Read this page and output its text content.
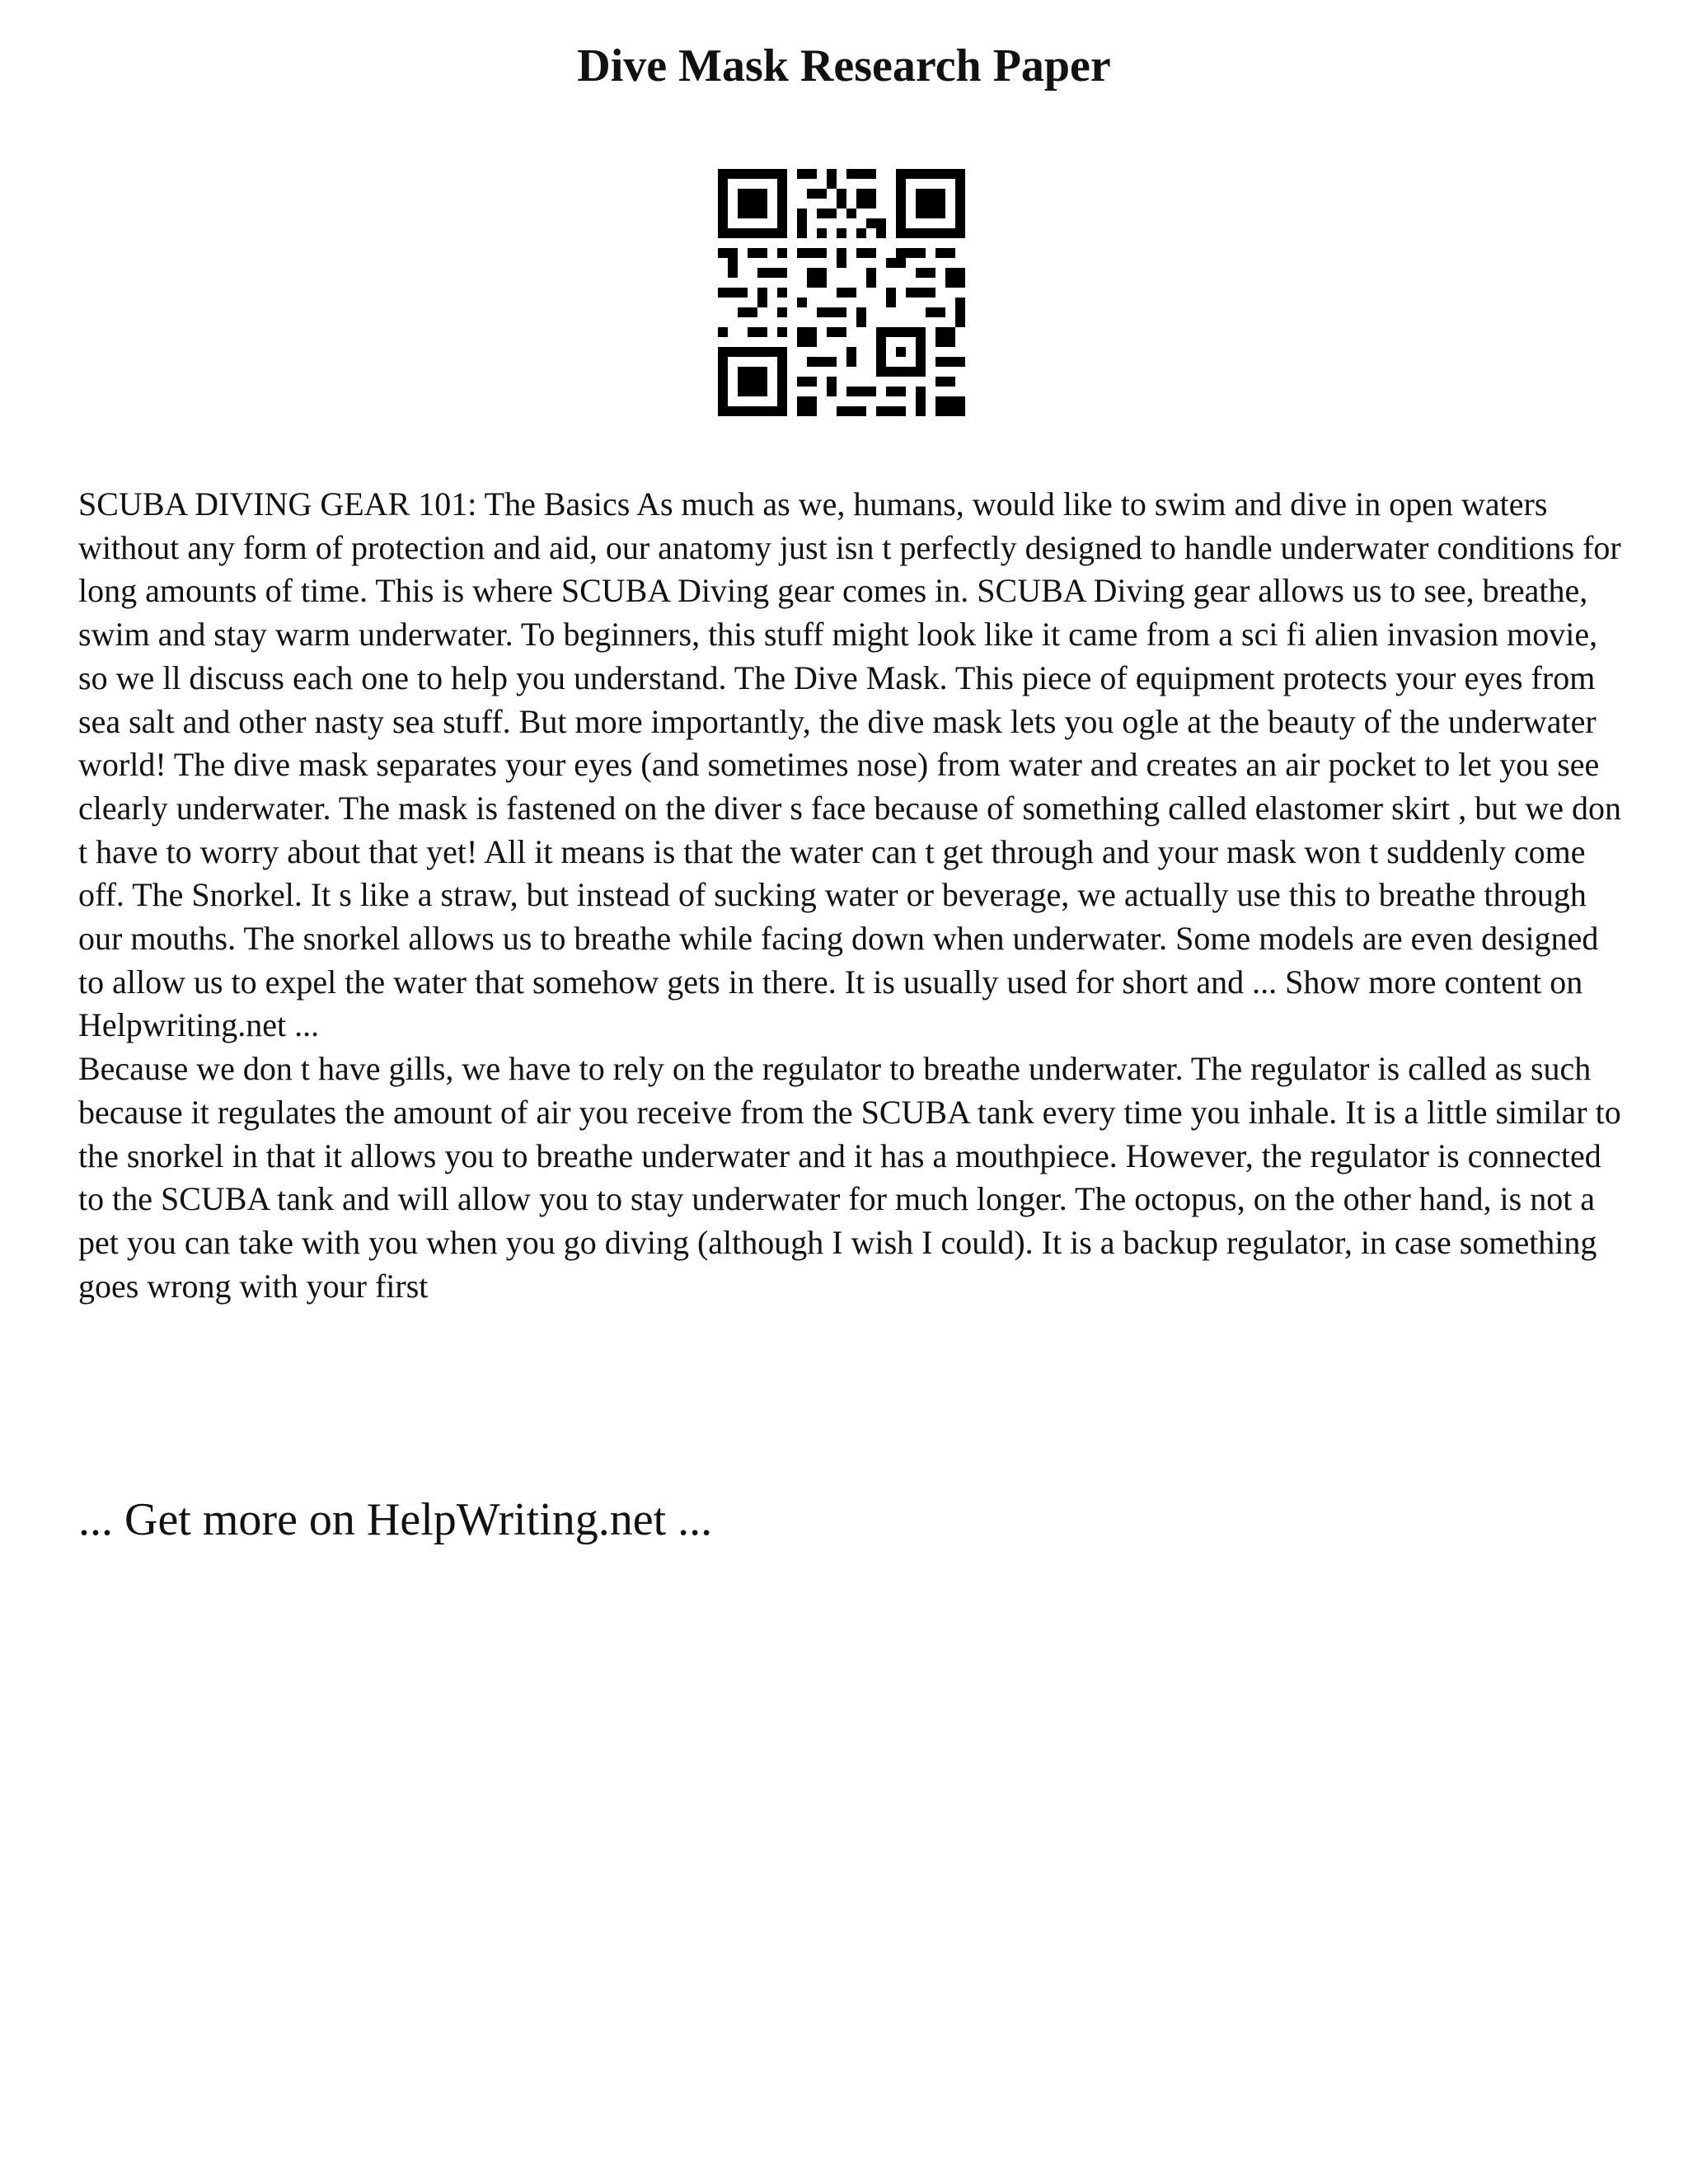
Dive Mask Research Paper

SCUBA DIVING GEAR 101: The Basics As much as we, humans, would like to swim and dive in open waters without any form of protection and aid, our anatomy just isn t perfectly designed to handle underwater conditions for long amounts of time. This is where SCUBA Diving gear comes in. SCUBA Diving gear allows us to see, breathe, swim and stay warm underwater. To beginners, this stuff might look like it came from a sci fi alien invasion movie, so we ll discuss each one to help you understand. The Dive Mask. This piece of equipment protects your eyes from sea salt and other nasty sea stuff. But more importantly, the dive mask lets you ogle at the beauty of the underwater world! The dive mask separates your eyes (and sometimes nose) from water and creates an air pocket to let you see clearly underwater. The mask is fastened on the diver s face because of something called elastomer skirt , but we don t have to worry about that yet! All it means is that the water can t get through and your mask won t suddenly come off. The Snorkel. It s like a straw, but instead of sucking water or beverage, we actually use this to breathe through our mouths. The snorkel allows us to breathe while facing down when underwater. Some models are even designed to allow us to expel the water that somehow gets in there. It is usually used for short and ... Show more content on Helpwriting.net ...

Because we don t have gills, we have to rely on the regulator to breathe underwater. The regulator is called as such because it regulates the amount of air you receive from the SCUBA tank every time you inhale. It is a little similar to the snorkel in that it allows you to breathe underwater and it has a mouthpiece. However, the regulator is connected to the SCUBA tank and will allow you to stay underwater for much longer. The octopus, on the other hand, is not a pet you can take with you when you go diving (although I wish I could). It is a backup regulator, in case something goes wrong with your first

... Get more on HelpWriting.net ...
